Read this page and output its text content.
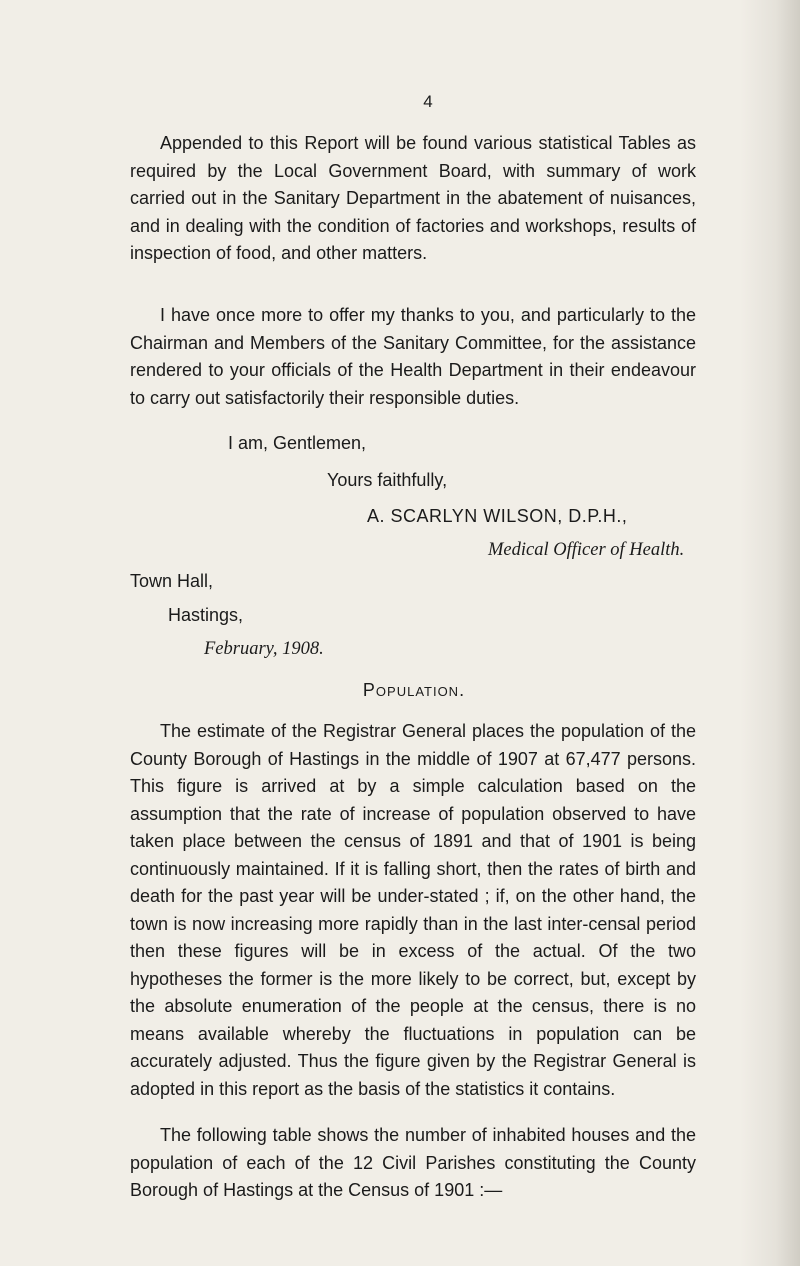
4

Appended to this Report will be found various statistical Tables as required by the Local Government Board, with summary of work carried out in the Sanitary Department in the abatement of nuisances, and in dealing with the condition of factories and workshops, results of inspection of food, and other matters.

I have once more to offer my thanks to you, and particularly to the Chairman and Members of the Sanitary Committee, for the assistance rendered to your officials of the Health Department in their endeavour to carry out satisfactorily their responsible duties.

I am, Gentlemen,
Yours faithfully,
A. SCARLYN WILSON, D.P.H.,
Medical Officer of Health.
Town Hall,
Hastings,
February, 1908.
Population.

The estimate of the Registrar General places the population of the County Borough of Hastings in the middle of 1907 at 67,477 persons. This figure is arrived at by a simple calculation based on the assumption that the rate of increase of population observed to have taken place between the census of 1891 and that of 1901 is being continuously maintained. If it is falling short, then the rates of birth and death for the past year will be under-stated ; if, on the other hand, the town is now increasing more rapidly than in the last inter-censal period then these figures will be in excess of the actual. Of the two hypotheses the former is the more likely to be correct, but, except by the absolute enumeration of the people at the census, there is no means available whereby the fluctuations in population can be accurately adjusted. Thus the figure given by the Registrar General is adopted in this report as the basis of the statistics it contains.

The following table shows the number of inhabited houses and the population of each of the 12 Civil Parishes constituting the County Borough of Hastings at the Census of 1901 :—
